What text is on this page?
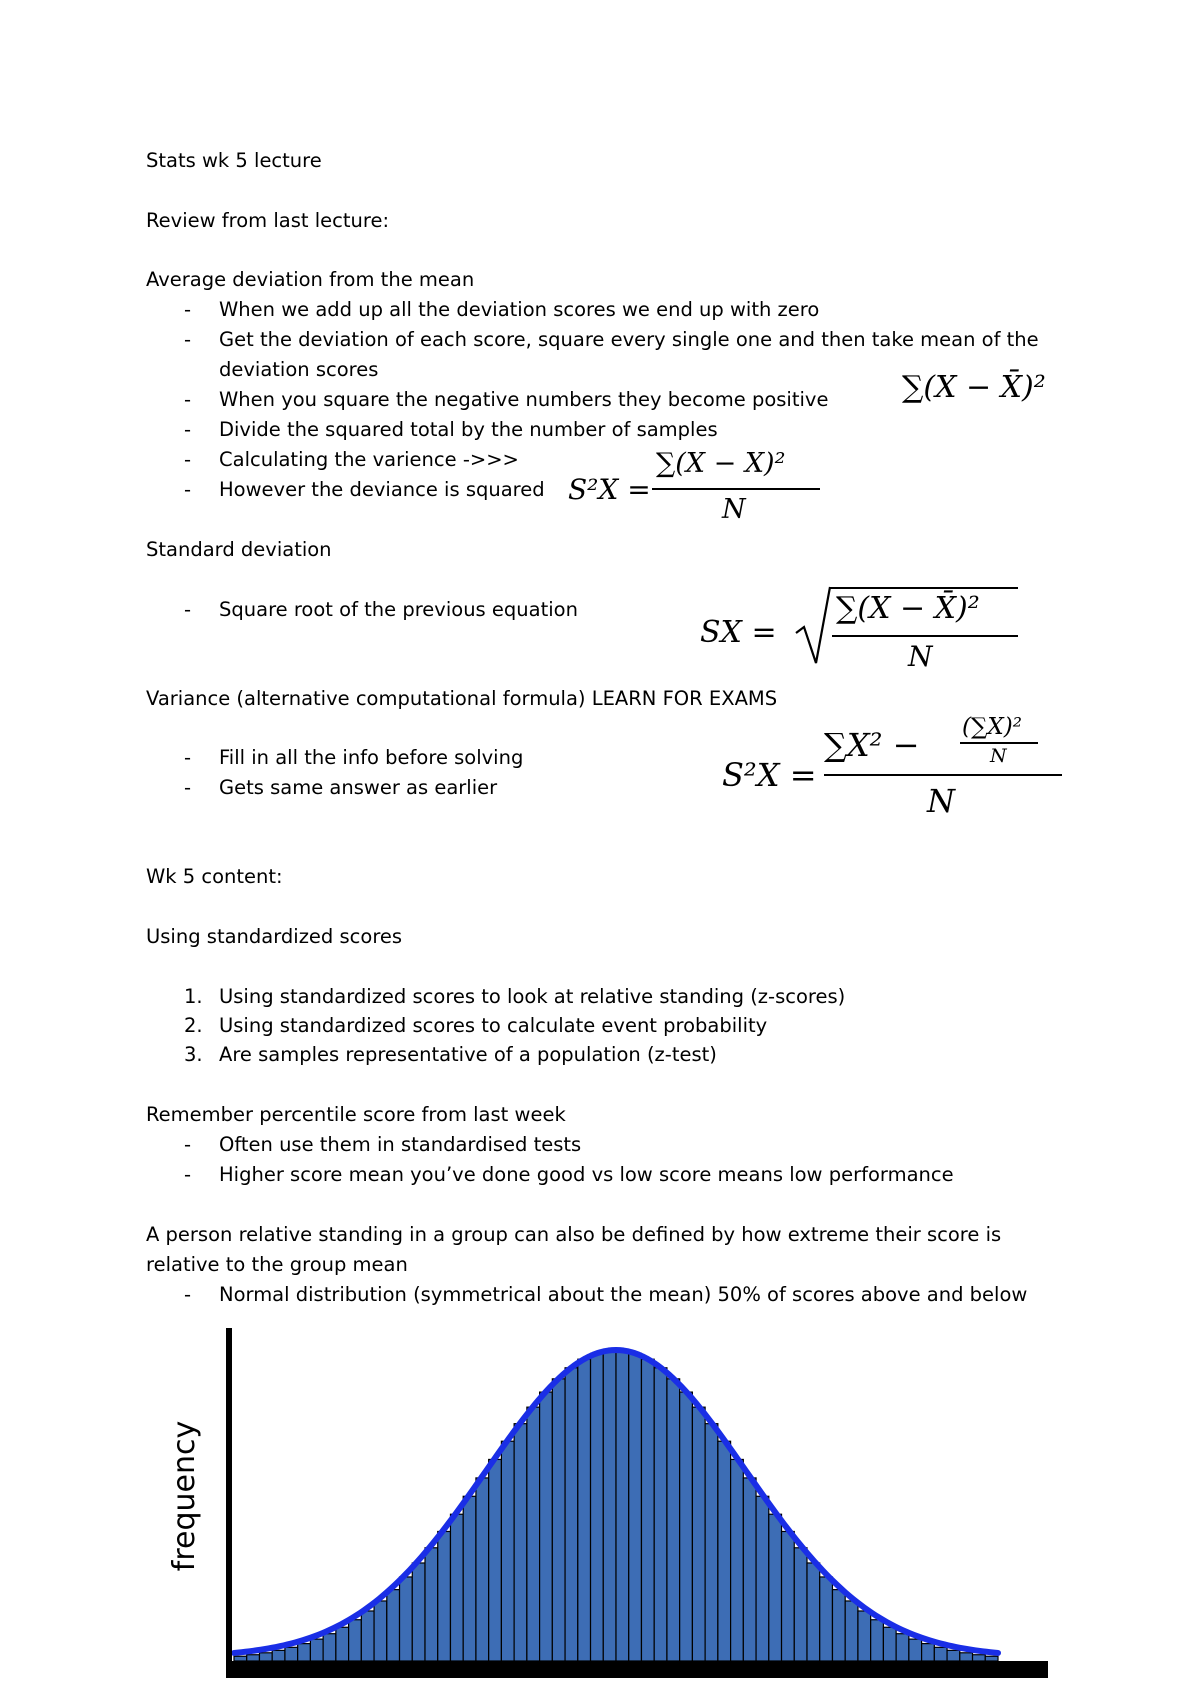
Stats wk 5 lecture
Review from last lecture:
Average deviation from the mean
- When we add up all the deviation scores we end up with zero
- Get the deviation of each score, square every single one and then take mean of the
deviation scores
- When you square the negative numbers they become positive
- Divide the squared total by the number of samples
- Calculating the varience ->>>
- However the deviance is squared
∑(X − X̄)²
S²X =
∑(X − X)²
N
Standard deviation
- Square root of the previous equation
SX =
∑(X − X̄)²
N
Variance (alternative computational formula) LEARN FOR EXAMS
- Fill in all the info before solving
- Gets same answer as earlier	S²X =
∑X² − (∑X)²
N
N
Wk 5 content:
Using standardized scores
1. Using standardized scores to look at relative standing (z-scores)
2. Using standardized scores to calculate event probability
3. Are samples representative of a population (z-test)
Remember percentile score from last week
- Often use them in standardised tests
- Higher score mean you’ve done good vs low score means low performance
A person relative standing in a group can also be defined by how extreme their score is
relative to the group mean
- Normal distribution (symmetrical about the mean) 50% of scores above and below
frequency
